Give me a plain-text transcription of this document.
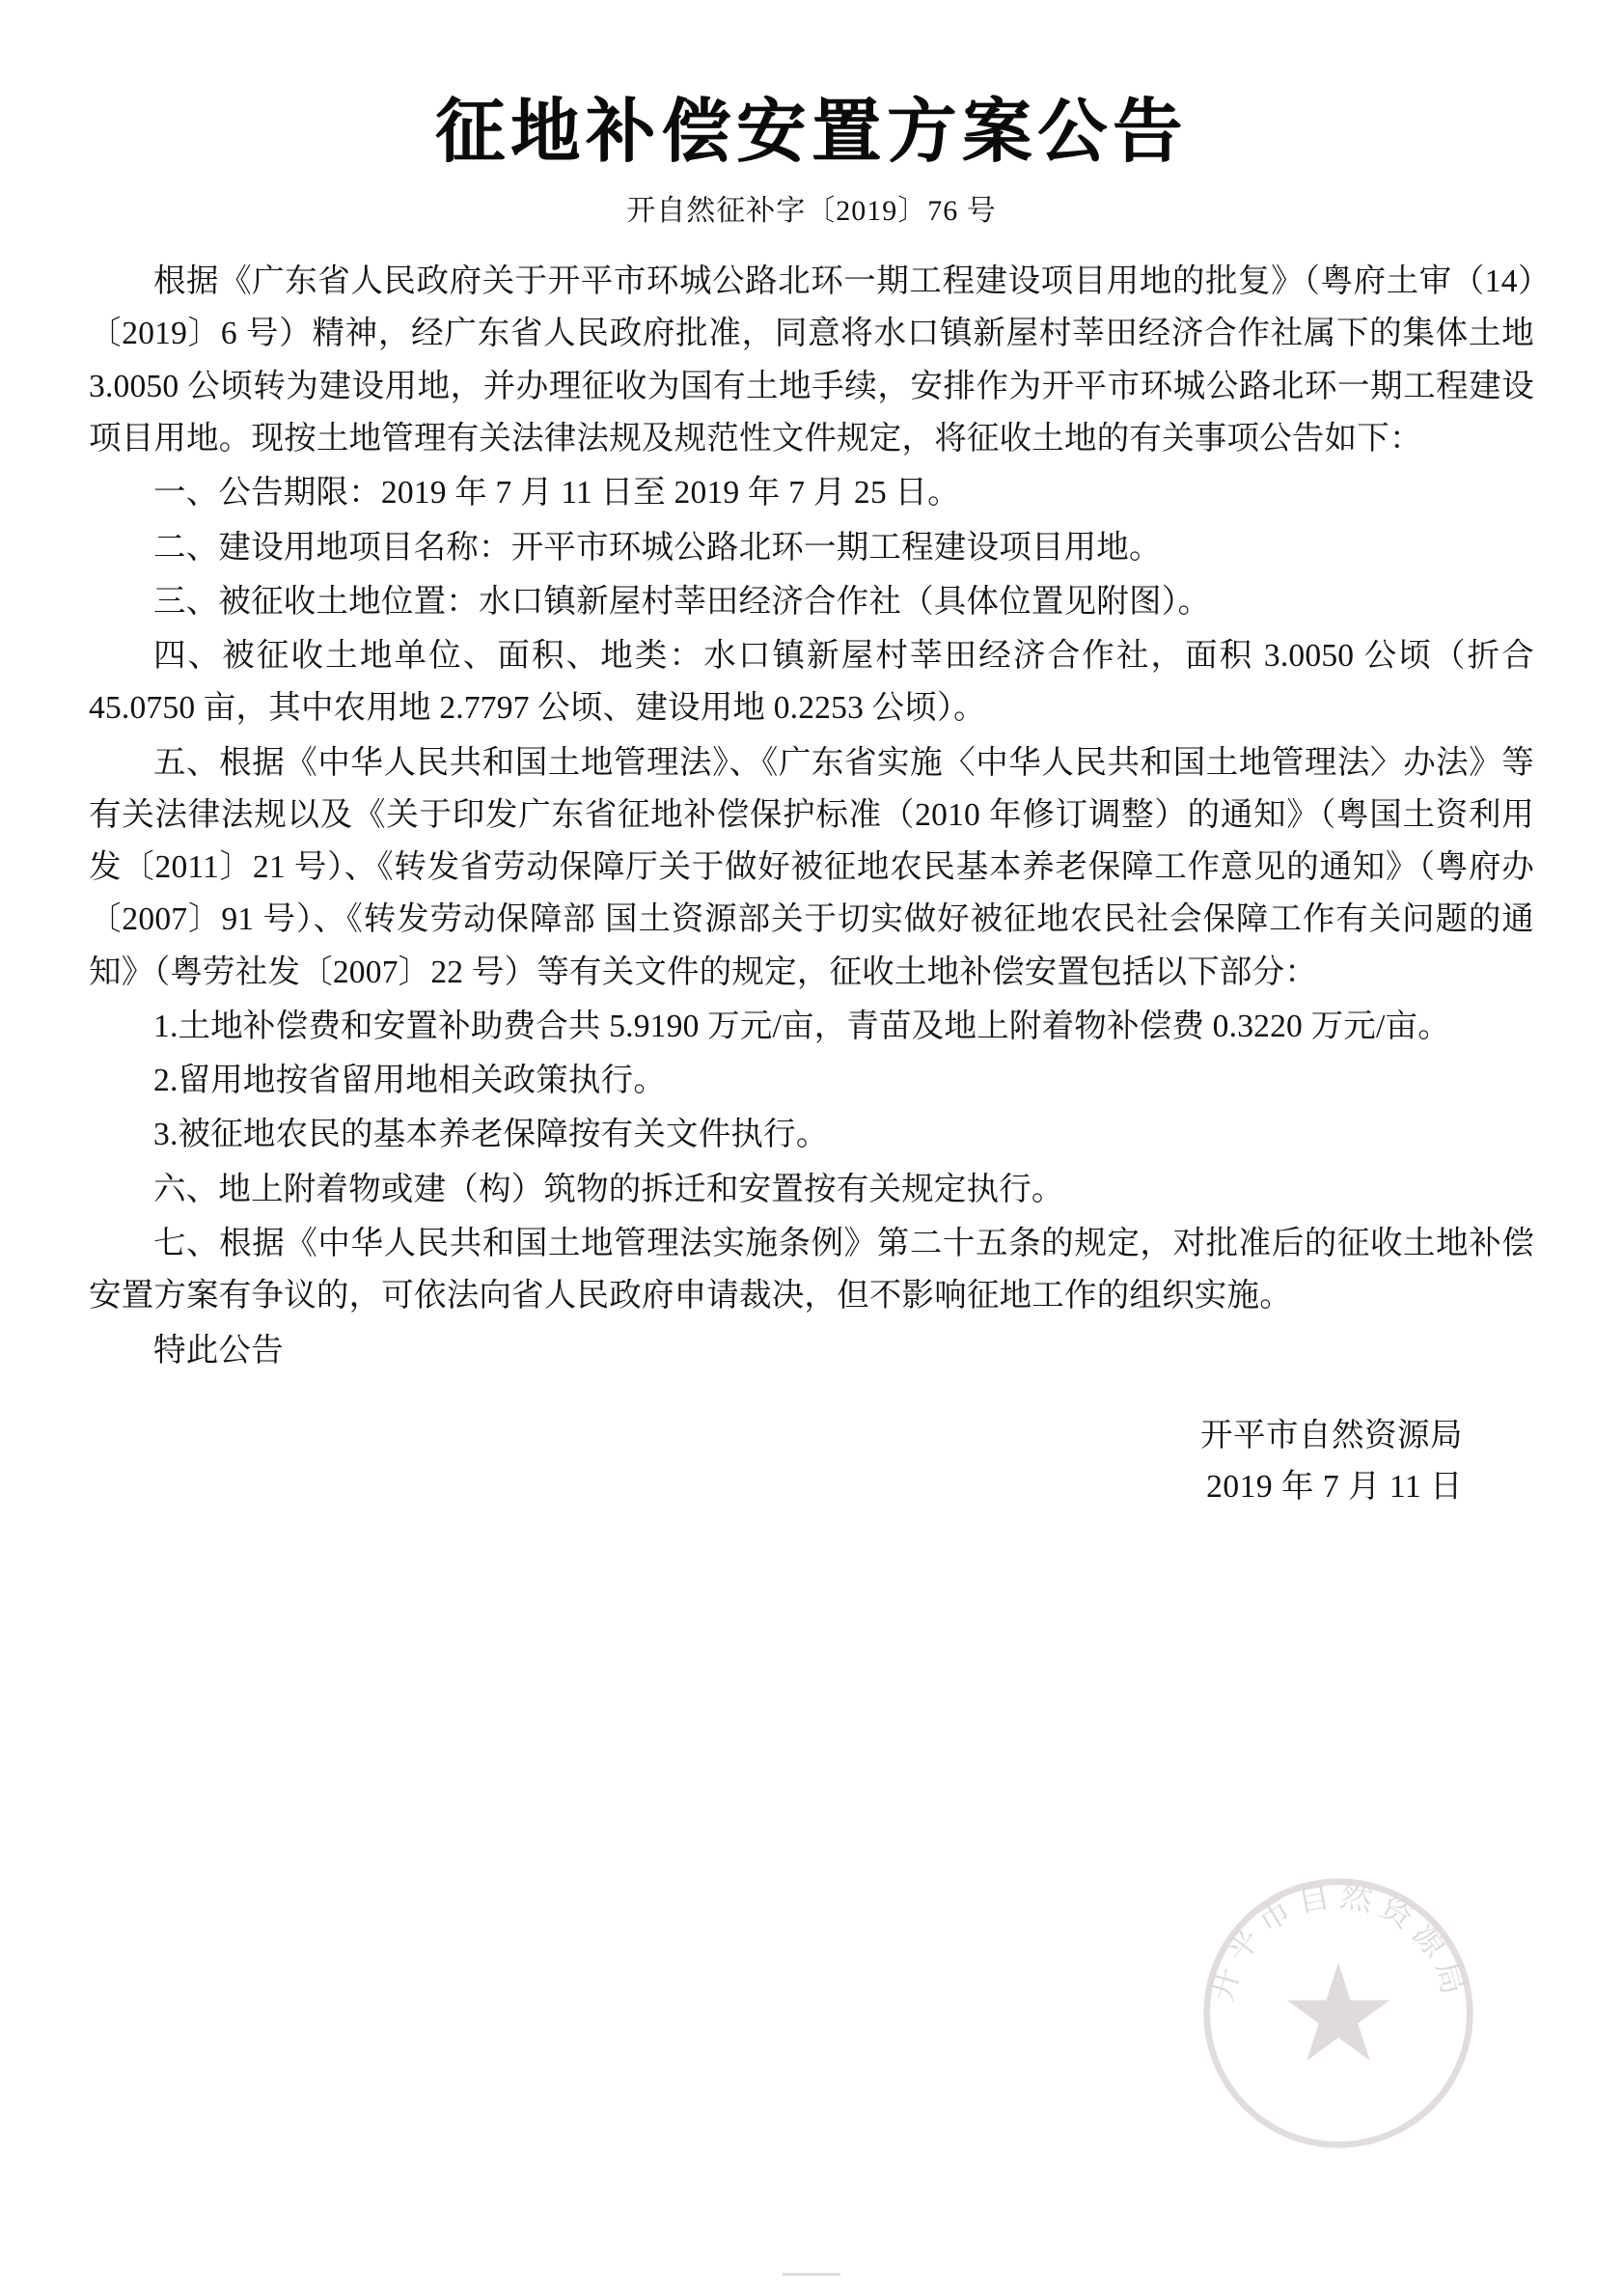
征地补偿安置方案公告
开自然征补字〔2019〕76 号

根据《广东省人民政府关于开平市环城公路北环一期工程建设项目用地的批复》（粤府土审（14）〔2019〕6 号）精神，经广东省人民政府批准，同意将水口镇新屋村莘田经济合作社属下的集体土地 3.0050 公顷转为建设用地，并办理征收为国有土地手续，安排作为开平市环城公路北环一期工程建设项目用地。现按土地管理有关法律法规及规范性文件规定，将征收土地的有关事项公告如下：

一、公告期限：2019 年 7 月 11 日至 2019 年 7 月 25 日。

二、建设用地项目名称：开平市环城公路北环一期工程建设项目用地。

三、被征收土地位置：水口镇新屋村莘田经济合作社（具体位置见附图）。

四、被征收土地单位、面积、地类：水口镇新屋村莘田经济合作社，面积 3.0050 公顷（折合 45.0750 亩，其中农用地 2.7797 公顷、建设用地 0.2253 公顷）。

五、根据《中华人民共和国土地管理法》、《广东省实施〈中华人民共和国土地管理法〉办法》等有关法律法规以及《关于印发广东省征地补偿保护标准（2010 年修订调整）的通知》（粤国土资利用发〔2011〕21 号）、《转发省劳动保障厅关于做好被征地农民基本养老保障工作意见的通知》（粤府办〔2007〕91 号）、《转发劳动保障部 国土资源部关于切实做好被征地农民社会保障工作有关问题的通知》（粤劳社发〔2007〕22 号）等有关文件的规定，征收土地补偿安置包括以下部分：

1.土地补偿费和安置补助费合共 5.9190 万元/亩，青苗及地上附着物补偿费 0.3220 万元/亩。

2.留用地按省留用地相关政策执行。

3.被征地农民的基本养老保障按有关文件执行。

六、地上附着物或建（构）筑物的拆迁和安置按有关规定执行。

七、根据《中华人民共和国土地管理法实施条例》第二十五条的规定，对批准后的征收土地补偿安置方案有争议的，可依法向省人民政府申请裁决，但不影响征地工作的组织实施。

特此公告

开平市自然资源局
2019 年 7 月 11 日
开平市自然资源局
